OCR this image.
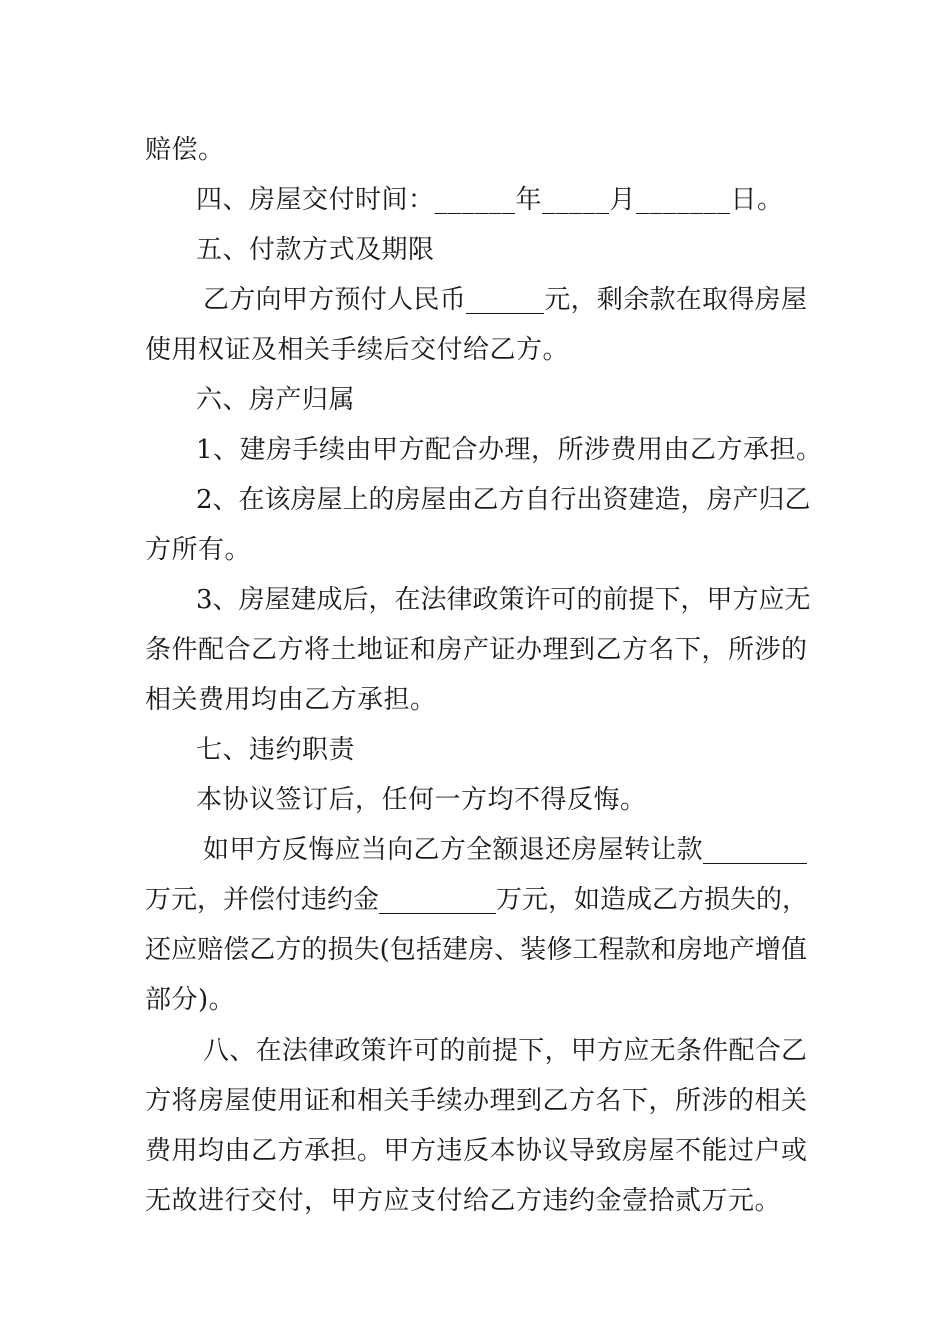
赔偿。
四、房屋交付时间：______年_____月_______日。
五、付款方式及期限
乙方向甲方预付人民币______元，剩余款在取得房屋
使用权证及相关手续后交付给乙方。
六、房产归属
1、建房手续由甲方配合办理，所涉费用由乙方承担。
2、在该房屋上的房屋由乙方自行出资建造，房产归乙
方所有。
3、房屋建成后，在法律政策许可的前提下，甲方应无
条件配合乙方将土地证和房产证办理到乙方名下，所涉的
相关费用均由乙方承担。
七、违约职责
本协议签订后，任何一方均不得反悔。
如甲方反悔应当向乙方全额退还房屋转让款________
万元，并偿付违约金_________万元，如造成乙方损失的，
还应赔偿乙方的损失(包括建房、装修工程款和房地产增值
部分)。
八、在法律政策许可的前提下，甲方应无条件配合乙
方将房屋使用证和相关手续办理到乙方名下，所涉的相关
费用均由乙方承担。甲方违反本协议导致房屋不能过户或
无故进行交付，甲方应支付给乙方违约金壹拾贰万元。
